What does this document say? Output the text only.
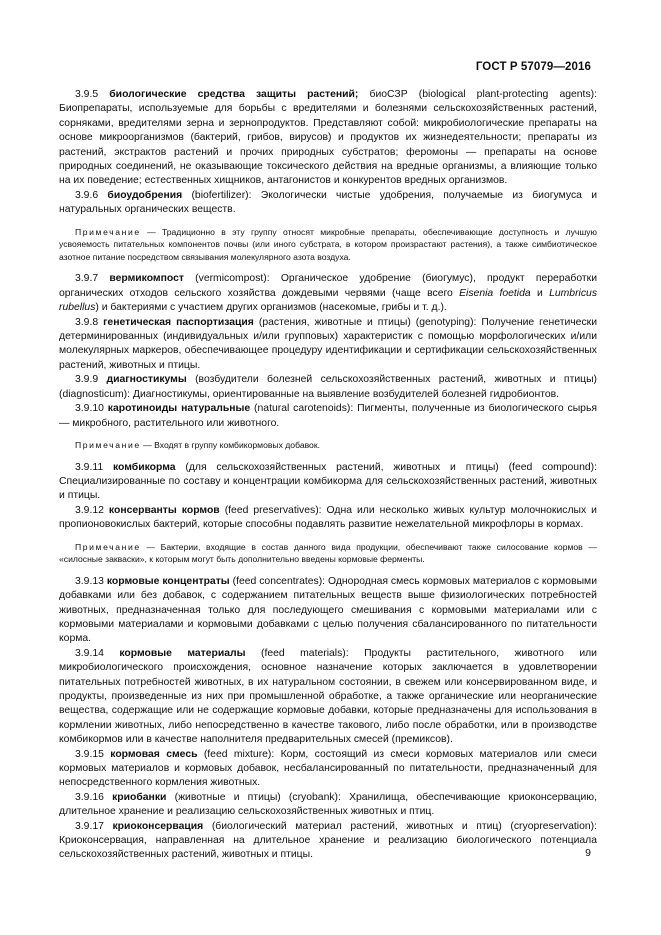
ГОСТ Р 57079—2016

3.9.5 биологические средства защиты растений; биоСЗР (biological plant-protecting agents): Биопрепараты, используемые для борьбы с вредителями и болезнями сельскохозяйственных растений, сорняками, вредителями зерна и зернопродуктов. Представляют собой: микробиологические препараты на основе микроорганизмов (бактерий, грибов, вирусов) и продуктов их жизнедеятельности; препараты из растений, экстрактов растений и прочих природных субстратов; феромоны — препараты на основе природных соединений, не оказывающие токсического действия на вредные организмы, а влияющие только на их поведение; естественных хищников, антагонистов и конкурентов вредных организмов.

3.9.6 биоудобрения (biofertilizer): Экологически чистые удобрения, получаемые из биогумуса и натуральных органических веществ.

Примечание — Традиционно в эту группу относят микробные препараты, обеспечивающие доступность и лучшую усвояемость питательных компонентов почвы (или иного субстрата, в котором произрастают растения), а также симбиотическое азотное питание посредством связывания молекулярного азота воздуха.

3.9.7 вермикомпост (vermicompost): Органическое удобрение (биогумус), продукт переработки органических отходов сельского хозяйства дождевыми червями (чаще всего Eisenia foetida и Lumbricus rubellus) и бактериями с участием других организмов (насекомые, грибы и т. д.).

3.9.8 генетическая паспортизация (растения, животные и птицы) (genotyping): Получение генетически детерминированных (индивидуальных и/или групповых) характеристик с помощью морфологических и/или молекулярных маркеров, обеспечивающее процедуру идентификации и сертификации сельскохозяйственных растений, животных и птицы.

3.9.9 диагностикумы (возбудители болезней сельскохозяйственных растений, животных и птицы) (diagnosticum): Диагностикумы, ориентированные на выявление возбудителей болезней гидробионтов.

3.9.10 каротиноиды натуральные (natural carotenoids): Пигменты, полученные из биологического сырья — микробного, растительного или животного.

Примечание — Входят в группу комбикормовых добавок.

3.9.11 комбикорма (для сельскохозяйственных растений, животных и птицы) (feed compound): Специализированные по составу и концентрации комбикорма для сельскохозяйственных растений, животных и птицы.

3.9.12 консерванты кормов (feed preservatives): Одна или несколько живых культур молочнокислых и пропионовокислых бактерий, которые способны подавлять развитие нежелательной микрофлоры в кормах.

Примечание — Бактерии, входящие в состав данного вида продукции, обеспечивают также силосование кормов — «силосные закваски», к которым могут быть дополнительно введены кормовые ферменты.

3.9.13 кормовые концентраты (feed concentrates): Однородная смесь кормовых материалов с кормовыми добавками или без добавок, с содержанием питательных веществ выше физиологических потребностей животных, предназначенная только для последующего смешивания с кормовыми материалами или с кормовыми материалами и кормовыми добавками с целью получения сбалансированного по питательности корма.

3.9.14 кормовые материалы (feed materials): Продукты растительного, животного или микробиологического происхождения, основное назначение которых заключается в удовлетворении питательных потребностей животных, в их натуральном состоянии, в свежем или консервированном виде, и продукты, произведенные из них при промышленной обработке, а также органические или неорганические вещества, содержащие или не содержащие кормовые добавки, которые предназначены для использования в кормлении животных, либо непосредственно в качестве такового, либо после обработки, или в производстве комбикормов или в качестве наполнителя предварительных смесей (премиксов).

3.9.15 кормовая смесь (feed mixture): Корм, состоящий из смеси кормовых материалов или смеси кормовых материалов и кормовых добавок, несбалансированный по питательности, предназначенный для непосредственного кормления животных.

3.9.16 криобанки (животные и птицы) (cryobank): Хранилища, обеспечивающие криоконсервацию, длительное хранение и реализацию сельскохозяйственных животных и птиц.

3.9.17 криоконсервация (биологический материал растений, животных и птиц) (cryopreservation): Криоконсервация, направленная на длительное хранение и реализацию биологического потенциала сельскохозяйственных растений, животных и птицы.	9
